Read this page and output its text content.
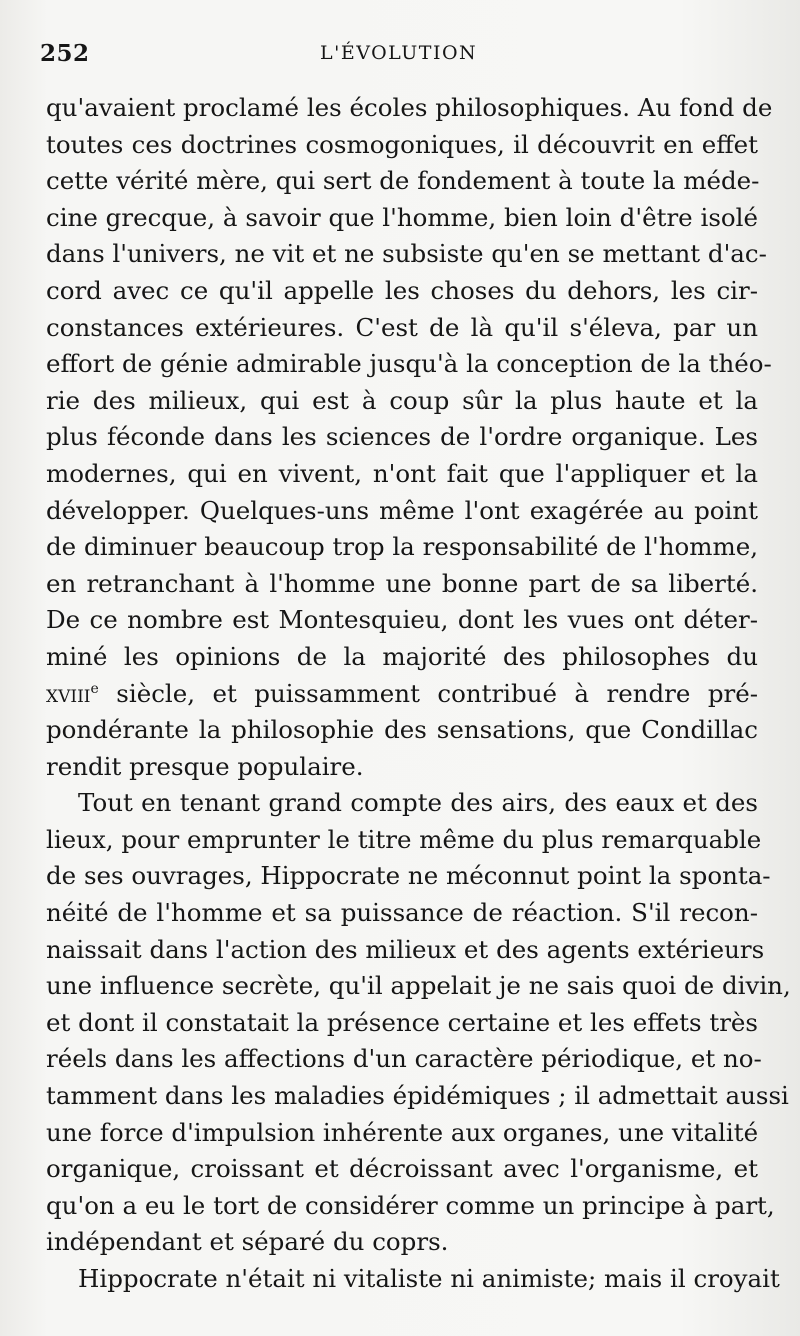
252	L'ÉVOLUTION
qu'avaient proclamé les écoles philosophiques. Au fond de
toutes ces doctrines cosmogoniques, il découvrit en effet
cette vérité mère, qui sert de fondement à toute la méde-
cine grecque, à savoir que l'homme, bien loin d'être isolé
dans l'univers, ne vit et ne subsiste qu'en se mettant d'ac-
cord avec ce qu'il appelle les choses du dehors, les cir-
constances extérieures. C'est de là qu'il s'éleva, par un
effort de génie admirable jusqu'à la conception de la théo-
rie des milieux, qui est à coup sûr la plus haute et la
plus féconde dans les sciences de l'ordre organique. Les
modernes, qui en vivent, n'ont fait que l'appliquer et la
développer. Quelques-uns même l'ont exagérée au point
de diminuer beaucoup trop la responsabilité de l'homme,
en retranchant à l'homme une bonne part de sa liberté.
De ce nombre est Montesquieu, dont les vues ont déter-
miné les opinions de la majorité des philosophes du
xviii$^e$ siècle, et puissamment contribué à rendre pré-
pondérante la philosophie des sensations, que Condillac
rendit presque populaire.
Tout en tenant grand compte des airs, des eaux et des
lieux, pour emprunter le titre même du plus remarquable
de ses ouvrages, Hippocrate ne méconnut point la sponta-
néité de l'homme et sa puissance de réaction. S'il recon-
naissait dans l'action des milieux et des agents extérieurs
une influence secrète, qu'il appelait je ne sais quoi de divin,
et dont il constatait la présence certaine et les effets très
réels dans les affections d'un caractère périodique, et no-
tamment dans les maladies épidémiques ; il admettait aussi
une force d'impulsion inhérente aux organes, une vitalité
organique, croissant et décroissant avec l'organisme, et
qu'on a eu le tort de considérer comme un principe à part,
indépendant et séparé du coprs.
Hippocrate n'était ni vitaliste ni animiste; mais il croyait
